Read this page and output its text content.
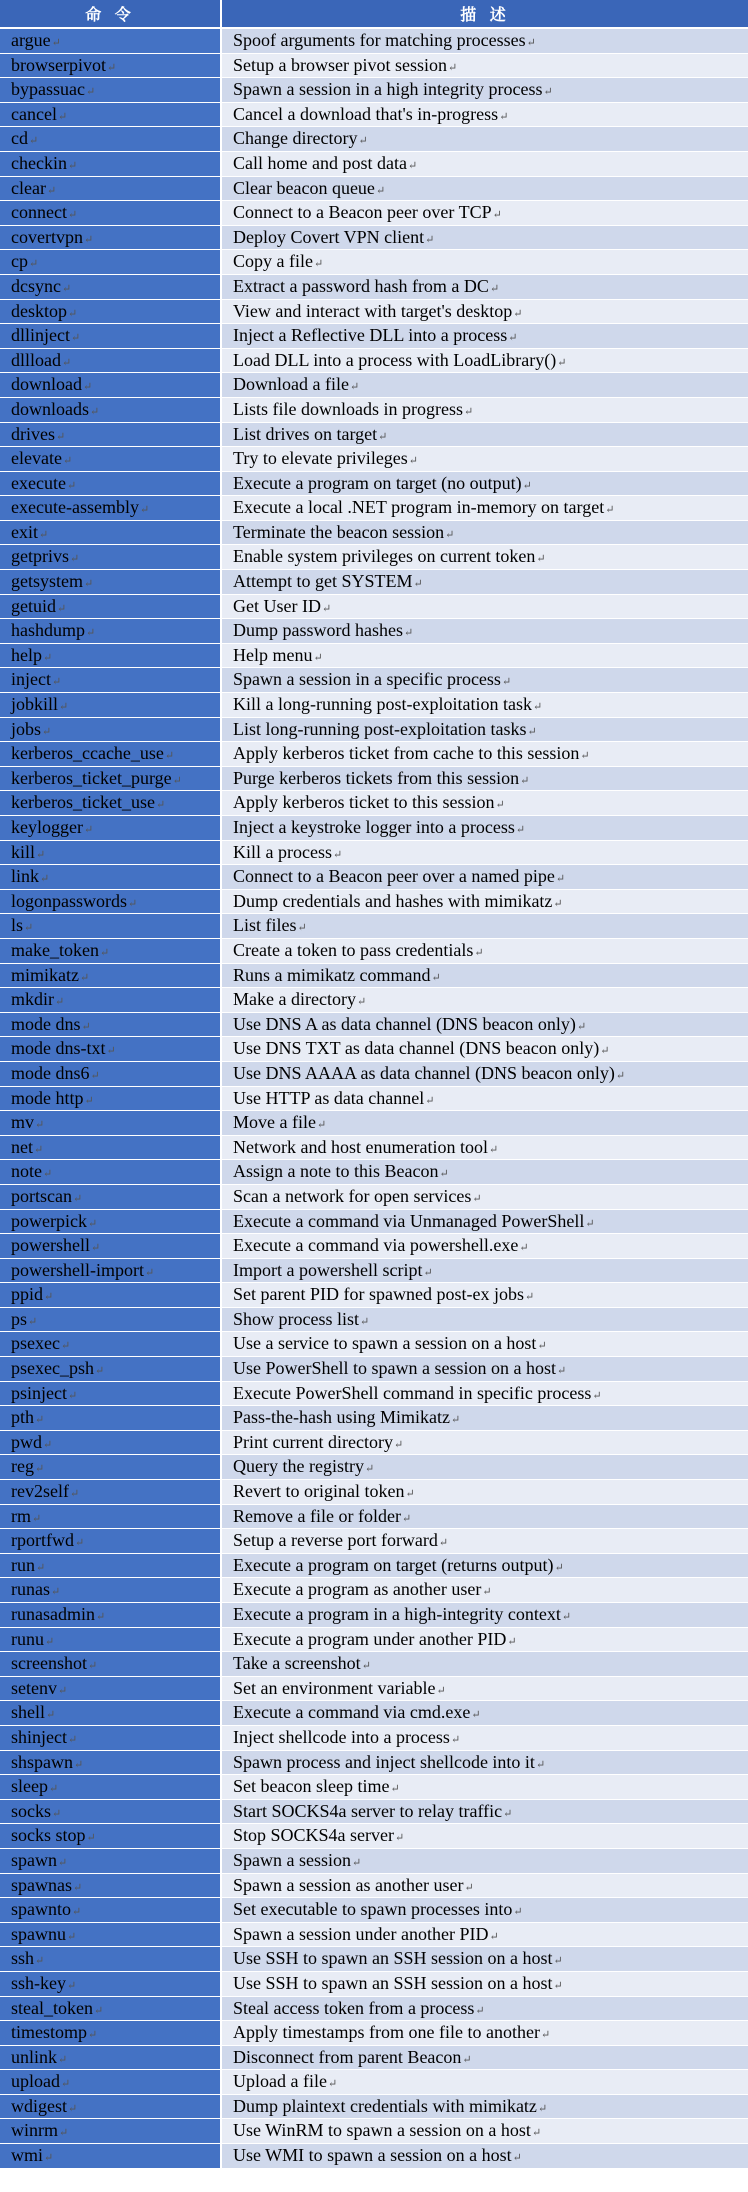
命 令	描 述
argue↵	Spoof arguments for matching processes↵
browserpivot↵	Setup a browser pivot session↵
bypassuac↵	Spawn a session in a high integrity process↵
cancel↵	Cancel a download that's in-progress↵
cd↵	Change directory↵
checkin↵	Call home and post data↵
clear↵	Clear beacon queue↵
connect↵	Connect to a Beacon peer over TCP↵
covertvpn↵	Deploy Covert VPN client↵
cp↵	Copy a file↵
dcsync↵	Extract a password hash from a DC↵
desktop↵	View and interact with target's desktop↵
dllinject↵	Inject a Reflective DLL into a process↵
dllload↵	Load DLL into a process with LoadLibrary()↵
download↵	Download a file↵
downloads↵	Lists file downloads in progress↵
drives↵	List drives on target↵
elevate↵	Try to elevate privileges↵
execute↵	Execute a program on target (no output)↵
execute-assembly↵	Execute a local .NET program in-memory on target↵
exit↵	Terminate the beacon session↵
getprivs↵	Enable system privileges on current token↵
getsystem↵	Attempt to get SYSTEM↵
getuid↵	Get User ID↵
hashdump↵	Dump password hashes↵
help↵	Help menu↵
inject↵	Spawn a session in a specific process↵
jobkill↵	Kill a long-running post-exploitation task↵
jobs↵	List long-running post-exploitation tasks↵
kerberos_ccache_use↵	Apply kerberos ticket from cache to this session↵
kerberos_ticket_purge↵	Purge kerberos tickets from this session↵
kerberos_ticket_use↵	Apply kerberos ticket to this session↵
keylogger↵	Inject a keystroke logger into a process↵
kill↵	Kill a process↵
link↵	Connect to a Beacon peer over a named pipe↵
logonpasswords↵	Dump credentials and hashes with mimikatz↵
ls↵	List files↵
make_token↵	Create a token to pass credentials↵
mimikatz↵	Runs a mimikatz command↵
mkdir↵	Make a directory↵
mode dns↵	Use DNS A as data channel (DNS beacon only)↵
mode dns-txt↵	Use DNS TXT as data channel (DNS beacon only)↵
mode dns6↵	Use DNS AAAA as data channel (DNS beacon only)↵
mode http↵	Use HTTP as data channel↵
mv↵	Move a file↵
net↵	Network and host enumeration tool↵
note↵	Assign a note to this Beacon↵
portscan↵	Scan a network for open services↵
powerpick↵	Execute a command via Unmanaged PowerShell↵
powershell↵	Execute a command via powershell.exe↵
powershell-import↵	Import a powershell script↵
ppid↵	Set parent PID for spawned post-ex jobs↵
ps↵	Show process list↵
psexec↵	Use a service to spawn a session on a host↵
psexec_psh↵	Use PowerShell to spawn a session on a host↵
psinject↵	Execute PowerShell command in specific process↵
pth↵	Pass-the-hash using Mimikatz↵
pwd↵	Print current directory↵
reg↵	Query the registry↵
rev2self↵	Revert to original token↵
rm↵	Remove a file or folder↵
rportfwd↵	Setup a reverse port forward↵
run↵	Execute a program on target (returns output)↵
runas↵	Execute a program as another user↵
runasadmin↵	Execute a program in a high-integrity context↵
runu↵	Execute a program under another PID↵
screenshot↵	Take a screenshot↵
setenv↵	Set an environment variable↵
shell↵	Execute a command via cmd.exe↵
shinject↵	Inject shellcode into a process↵
shspawn↵	Spawn process and inject shellcode into it↵
sleep↵	Set beacon sleep time↵
socks↵	Start SOCKS4a server to relay traffic↵
socks stop↵	Stop SOCKS4a server↵
spawn↵	Spawn a session↵
spawnas↵	Spawn a session as another user↵
spawnto↵	Set executable to spawn processes into↵
spawnu↵	Spawn a session under another PID↵
ssh↵	Use SSH to spawn an SSH session on a host↵
ssh-key↵	Use SSH to spawn an SSH session on a host↵
steal_token↵	Steal access token from a process↵
timestomp↵	Apply timestamps from one file to another↵
unlink↵	Disconnect from parent Beacon↵
upload↵	Upload a file↵
wdigest↵	Dump plaintext credentials with mimikatz↵
winrm↵	Use WinRM to spawn a session on a host↵
wmi↵	Use WMI to spawn a session on a host↵
